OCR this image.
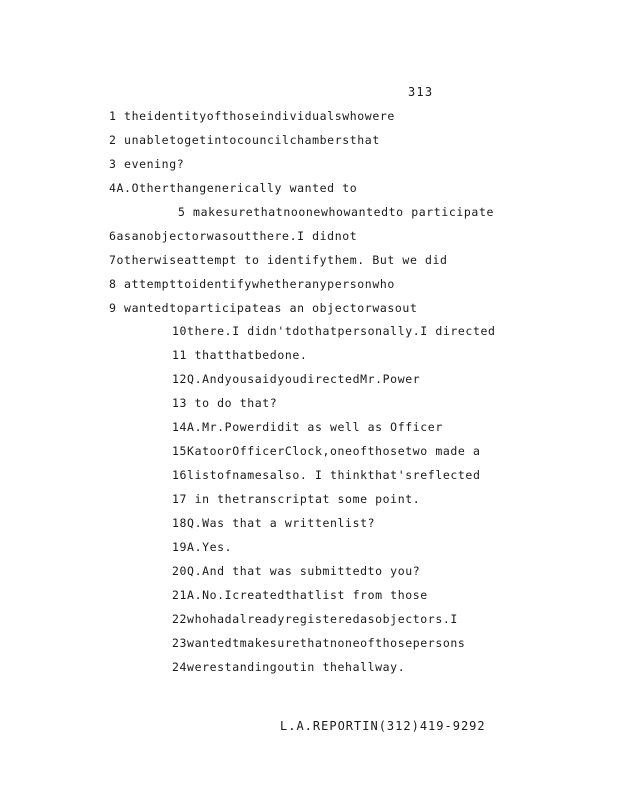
313
1 theidentityofthoseindividualswhowere
2 unabletogetintocouncilchambersthat
3 evening?
4A.Otherthangenerically wanted to
5 makesurethatnoonewhowantedto participate
6asanobjectorwasoutthere.I didnot
7otherwiseattempt to identifythem. But we did
8 attempttoidentifywhetheranypersonwho
9 wantedtoparticipateas an objectorwasout
10there.I didn'tdothatpersonally.I directed
11 thatthatbedone.
12Q.AndyousaidyoudirectedMr.Power
13 to do that?
14A.Mr.Powerdidit as well as Officer
15KatoorOfficerClock,oneofthosetwo made a
16listofnamesalso. I thinkthat'sreflected
17 in thetranscriptat some point.
18Q.Was that a writtenlist?
19A.Yes.
20Q.And that was submittedto you?
21A.No.Icreatedthatlist from those
22whohadalreadyregisteredasobjectors.I
23wantedtmakesurethatnoneofthosepersons
24werestandingoutin thehallway.
L.A.REPORTIN(312)419-9292
